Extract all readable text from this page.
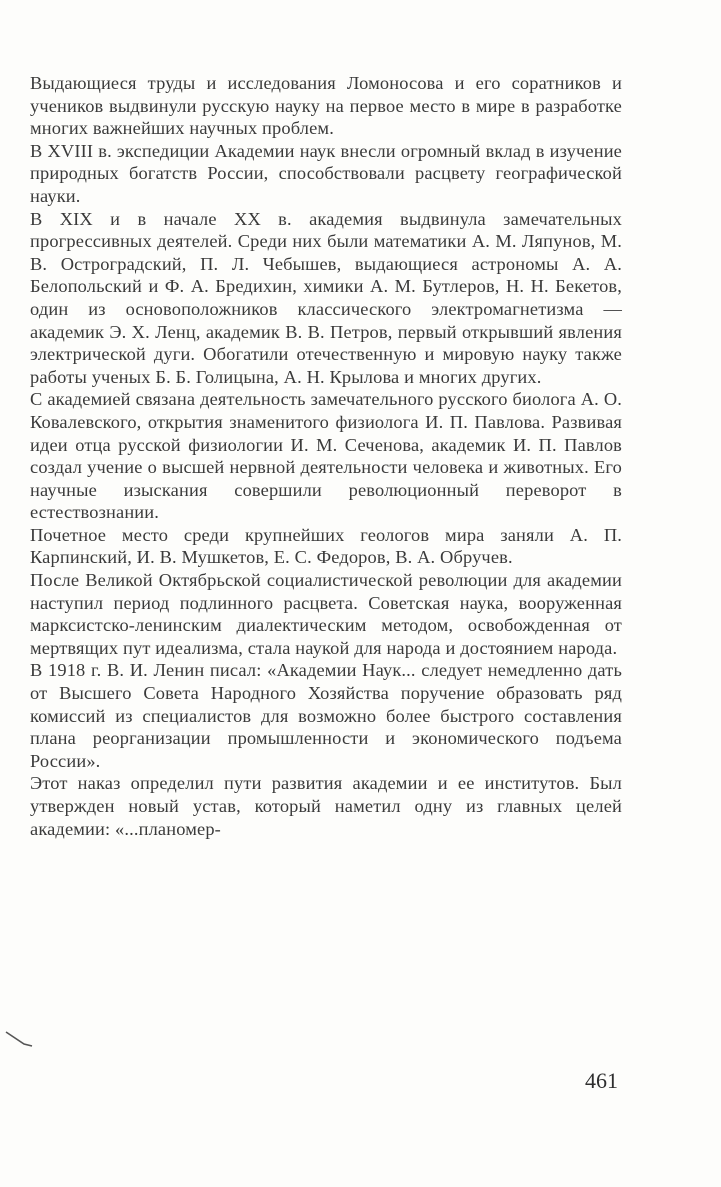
Выдающиеся труды и исследования Ломоносова и его соратников и учеников выдвинули русскую науку на первое место в мире в разработке многих важнейших научных проблем.

В XVIII в. экспедиции Академии наук внесли огромный вклад в изучение природных богатств России, способствовали расцвету географической науки.

В XIX и в начале XX в. академия выдвинула замечательных прогрессивных деятелей. Среди них были математики А. М. Ляпунов, М. В. Остроградский, П. Л. Чебышев, выдающиеся астрономы А. А. Белопольский и Ф. А. Бредихин, химики А. М. Бутлеров, Н. Н. Бекетов, один из основоположников классического электромагнетизма — академик Э. Х. Ленц, академик В. В. Петров, первый открывший явления электрической дуги. Обогатили отечественную и мировую науку также работы ученых Б. Б. Голицына, А. Н. Крылова и многих других.

С академией связана деятельность замечательного русского биолога А. О. Ковалевского, открытия знаменитого физиолога И. П. Павлова. Развивая идеи отца русской физиологии И. М. Сеченова, академик И. П. Павлов создал учение о высшей нервной деятельности человека и животных. Его научные изыскания совершили революционный переворот в естествознании.

Почетное место среди крупнейших геологов мира заняли А. П. Карпинский, И. В. Мушкетов, Е. С. Федоров, В. А. Обручев.

После Великой Октябрьской социалистической революции для академии наступил период подлинного расцвета. Советская наука, вооруженная марксистско-ленинским диалектическим методом, освобожденная от мертвящих пут идеализма, стала наукой для народа и достоянием народа.

В 1918 г. В. И. Ленин писал: «Академии Наук... следует немедленно дать от Высшего Совета Народного Хозяйства поручение образовать ряд комиссий из специалистов для возможно более быстрого составления плана реорганизации промышленности и экономического подъема России».

Этот наказ определил пути развития академии и ее институтов. Был утвержден новый устав, который наметил одну из главных целей академии: «...планомер-

461
